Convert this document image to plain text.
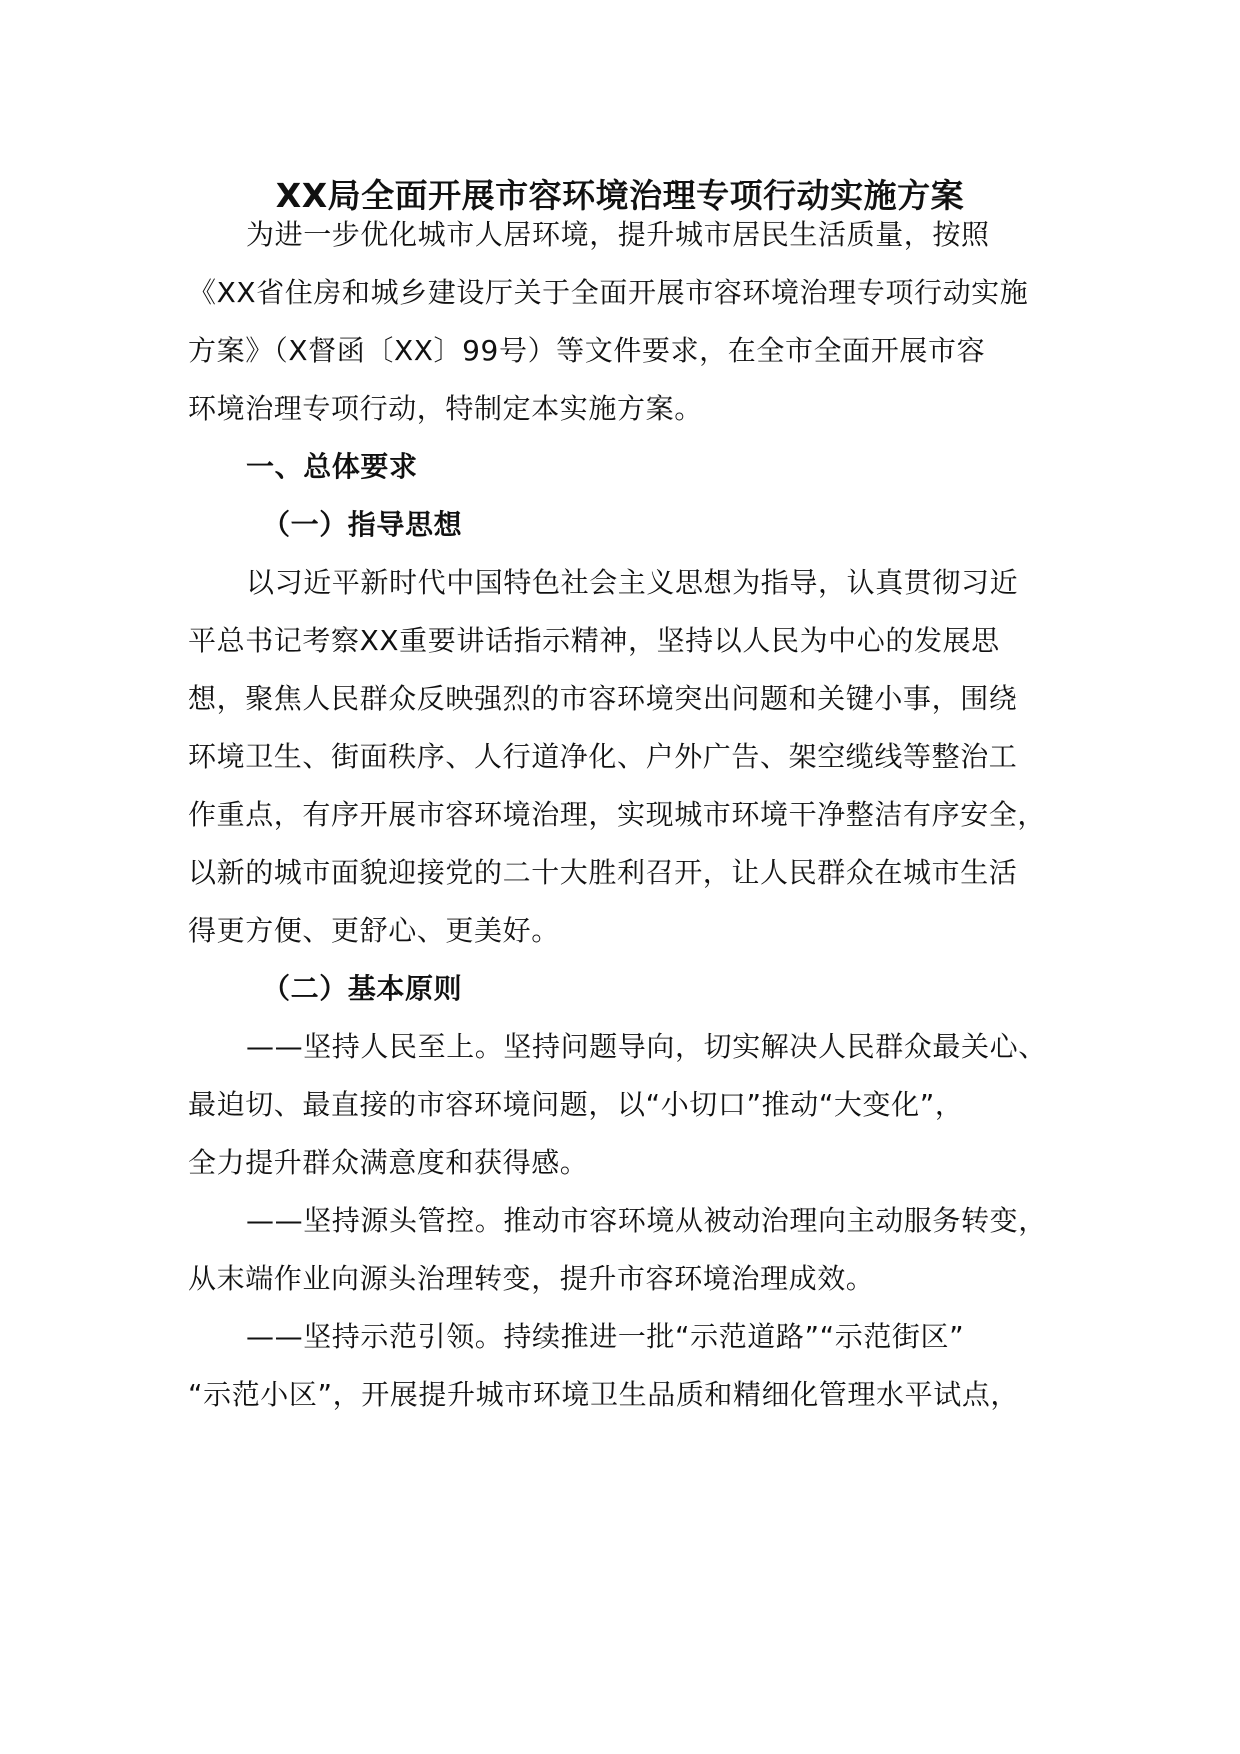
XX局全面开展市容环境治理专项行动实施方案
为进一步优化城市人居环境，提升城市居民生活质量，按照
《XX省住房和城乡建设厅关于全面开展市容环境治理专项行动实施
方案》（X督函〔XX〕99号）等文件要求，在全市全面开展市容
环境治理专项行动，特制定本实施方案。
一、总体要求
（一）指导思想
以习近平新时代中国特色社会主义思想为指导，认真贯彻习近
平总书记考察XX重要讲话指示精神，坚持以人民为中心的发展思
想，聚焦人民群众反映强烈的市容环境突出问题和关键小事，围绕
环境卫生、街面秩序、人行道净化、户外广告、架空缆线等整治工
作重点，有序开展市容环境治理，实现城市环境干净整洁有序安全，
以新的城市面貌迎接党的二十大胜利召开，让人民群众在城市生活
得更方便、更舒心、更美好。
（二）基本原则
——坚持人民至上。坚持问题导向，切实解决人民群众最关心、
最迫切、最直接的市容环境问题，以“小切口”推动“大变化”，
全力提升群众满意度和获得感。
——坚持源头管控。推动市容环境从被动治理向主动服务转变，
从末端作业向源头治理转变，提升市容环境治理成效。
——坚持示范引领。持续推进一批“示范道路”“示范街区”
“示范小区”，开展提升城市环境卫生品质和精细化管理水平试点，
